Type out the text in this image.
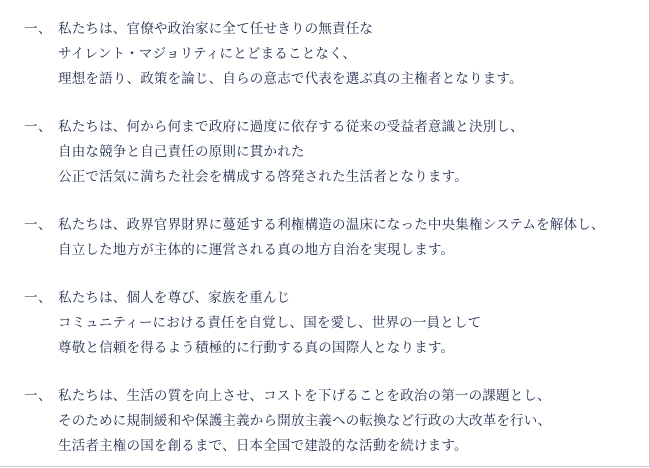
一、 私たちは、官僚や政治家に全て任せきりの無責任な
サイレント・マジョリティにとどまることなく、
理想を語り、政策を論じ、自らの意志で代表を選ぶ真の主権者となります。
一、 私たちは、何から何まで政府に過度に依存する従来の受益者意識と決別し、
自由な競争と自己責任の原則に貫かれた
公正で活気に満ちた社会を構成する啓発された生活者となります。
一、 私たちは、政界官界財界に蔓延する利権構造の温床になった中央集権システムを解体し、
自立した地方が主体的に運営される真の地方自治を実現します。
一、 私たちは、個人を尊び、家族を重んじ
コミュニティーにおける責任を自覚し、国を愛し、世界の一員として
尊敬と信頼を得るよう積極的に行動する真の国際人となります。
一、 私たちは、生活の質を向上させ、コストを下げることを政治の第一の課題とし、
そのために規制緩和や保護主義から開放主義への転換など行政の大改革を行い、
生活者主権の国を創るまで、日本全国で建設的な活動を続けます。
